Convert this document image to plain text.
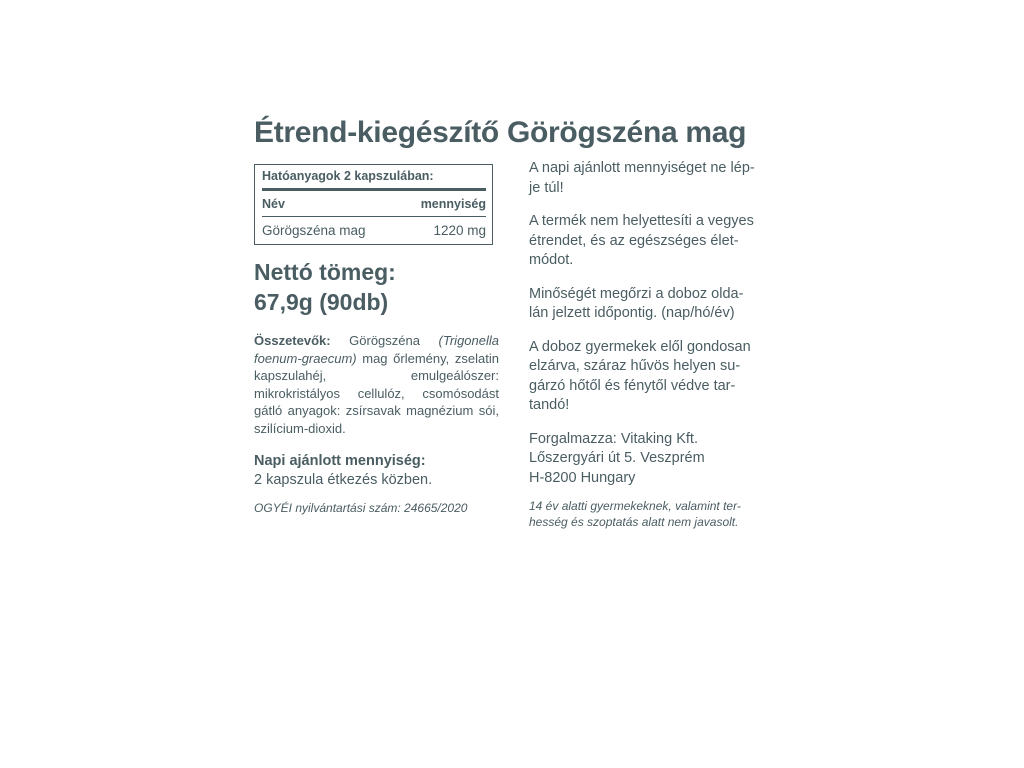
Étrend-kiegészítő Görögszéna mag
Hatóanyagok 2 kapszulában:
Név	mennyiség
Görögszéna mag	1220 mg
Nettó tömeg:
67,9g (90db)
Összetevők: Görögszéna (Trigonella foenum-graecum) mag őrlemény, zselatin kapszulahéj, emulgeálószer: mikrokristályos cellulóz, csomósodást gátló anyagok: zsírsavak magnézium sói, szilícium-dioxid.
Napi ajánlott mennyiség:
2 kapszula étkezés közben.
OGYÉI nyilvántartási szám: 24665/2020
A napi ajánlott mennyiséget ne lép-
je túl!
A termék nem helyettesíti a vegyes
étrendet, és az egészséges élet-
módot.
Minőségét megőrzi a doboz olda-
lán jelzett időpontig. (nap/hó/év)
A doboz gyermekek elől gondosan
elzárva, száraz hűvös helyen su-
gárzó hőtől és fénytől védve tar-
tandó!
Forgalmazza: Vitaking Kft.
Lőszergyári út 5. Veszprém
H-8200 Hungary
14 év alatti gyermekeknek, valamint ter-
hesség és szoptatás alatt nem javasolt.
